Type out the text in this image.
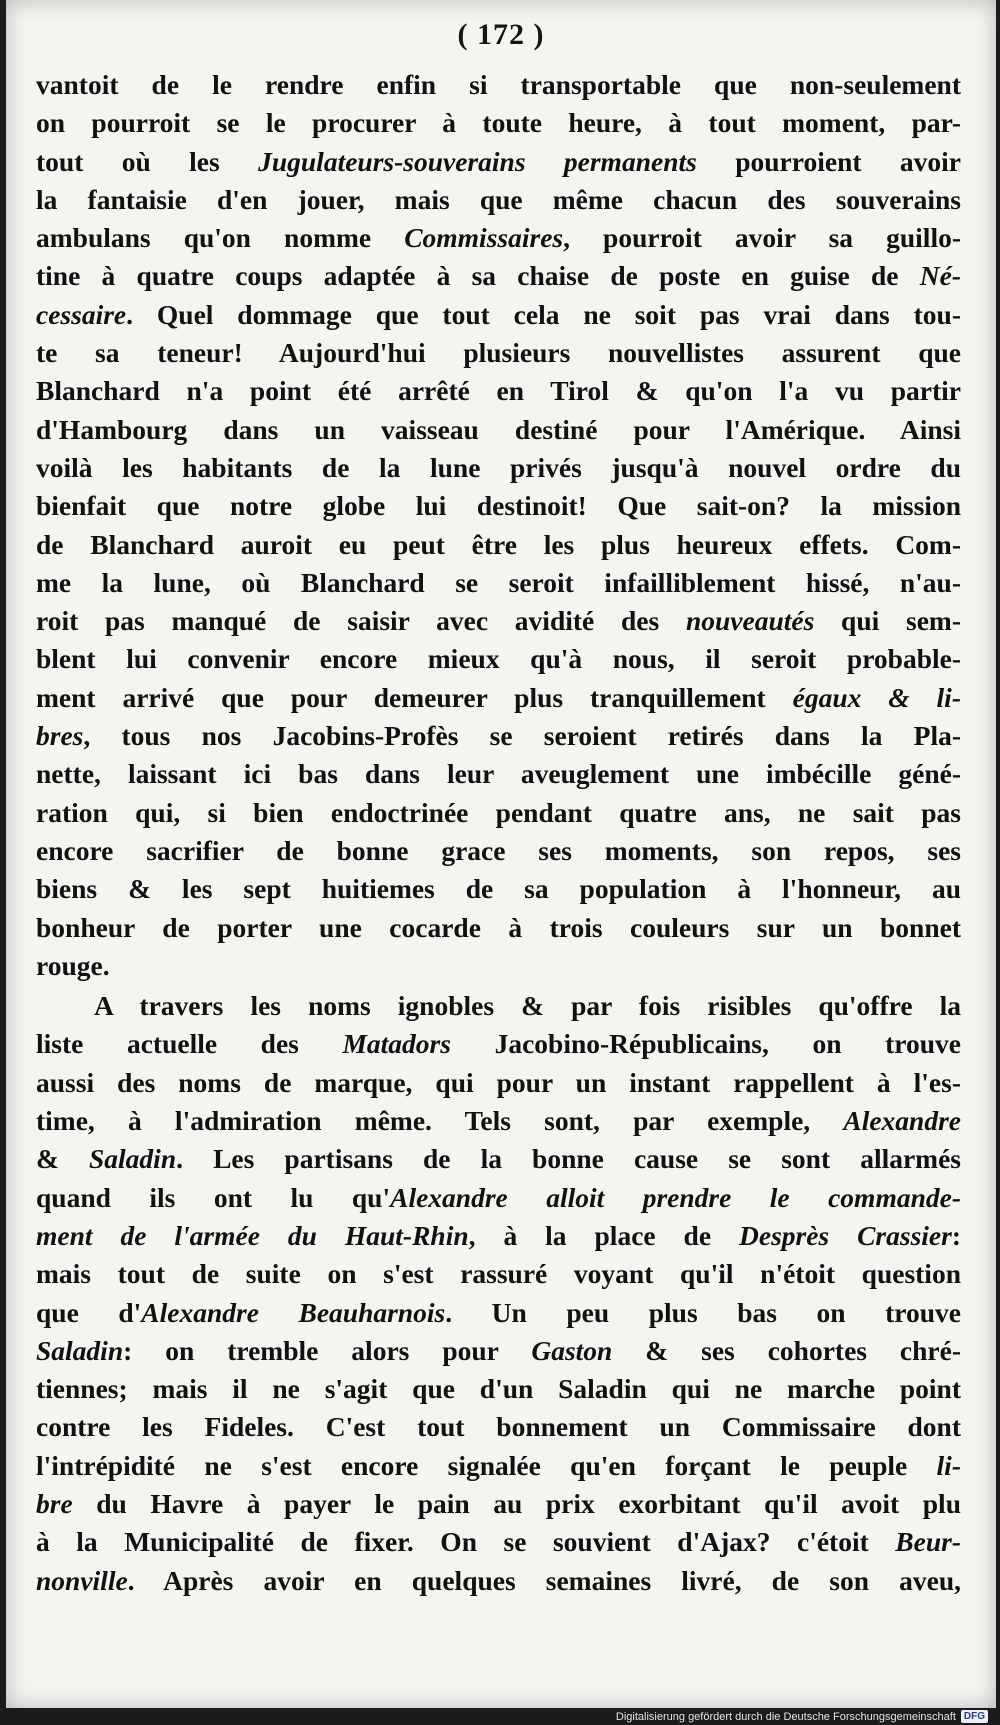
( 172 )
vantoit de le rendre enfin si transportable que non-seulement
on pourroit se le procurer à toute heure, à tout moment, par-
tout où les Jugulateurs-souverains permanents pourroient avoir
la fantaisie d'en jouer, mais que même chacun des souverains
ambulans qu'on nomme Commissaires, pourroit avoir sa guillo-
tine à quatre coups adaptée à sa chaise de poste en guise de Né-
cessaire. Quel dommage que tout cela ne soit pas vrai dans tou-
te sa teneur! Aujourd'hui plusieurs nouvellistes assurent que
Blanchard n'a point été arrêté en Tirol & qu'on l'a vu partir
d'Hambourg dans un vaisseau destiné pour l'Amérique. Ainsi
voilà les habitants de la lune privés jusqu'à nouvel ordre du
bienfait que notre globe lui destinoit! Que sait-on? la mission
de Blanchard auroit eu peut être les plus heureux effets. Com-
me la lune, où Blanchard se seroit infailliblement hissé, n'au-
roit pas manqué de saisir avec avidité des nouveautés qui sem-
blent lui convenir encore mieux qu'à nous, il seroit probable-
ment arrivé que pour demeurer plus tranquillement égaux & li-
bres, tous nos Jacobins-Profès se seroient retirés dans la Pla-
nette, laissant ici bas dans leur aveuglement une imbécille géné-
ration qui, si bien endoctrinée pendant quatre ans, ne sait pas
encore sacrifier de bonne grace ses moments, son repos, ses
biens & les sept huitiemes de sa population à l'honneur, au
bonheur de porter une cocarde à trois couleurs sur un bonnet
rouge.
A travers les noms ignobles & par fois risibles qu'offre la
liste actuelle des Matadors Jacobino-Républicains, on trouve
aussi des noms de marque, qui pour un instant rappellent à l'es-
time, à l'admiration même. Tels sont, par exemple, Alexandre
& Saladin. Les partisans de la bonne cause se sont allarmés
quand ils ont lu qu'Alexandre alloit prendre le commande-
ment de l'armée du Haut-Rhin, à la place de Desprès Crassier:
mais tout de suite on s'est rassuré voyant qu'il n'étoit question
que d'Alexandre Beauharnois. Un peu plus bas on trouve
Saladin: on tremble alors pour Gaston & ses cohortes chré-
tiennes; mais il ne s'agit que d'un Saladin qui ne marche point
contre les Fideles. C'est tout bonnement un Commissaire dont
l'intrépidité ne s'est encore signalée qu'en forçant le peuple li-
bre du Havre à payer le pain au prix exorbitant qu'il avoit plu
à la Municipalité de fixer. On se souvient d'Ajax? c'étoit Beur-
nonville. Après avoir en quelques semaines livré, de son aveu,
Digitalisierung gefördert durch die Deutsche Forschungsgemeinschaft DFG
